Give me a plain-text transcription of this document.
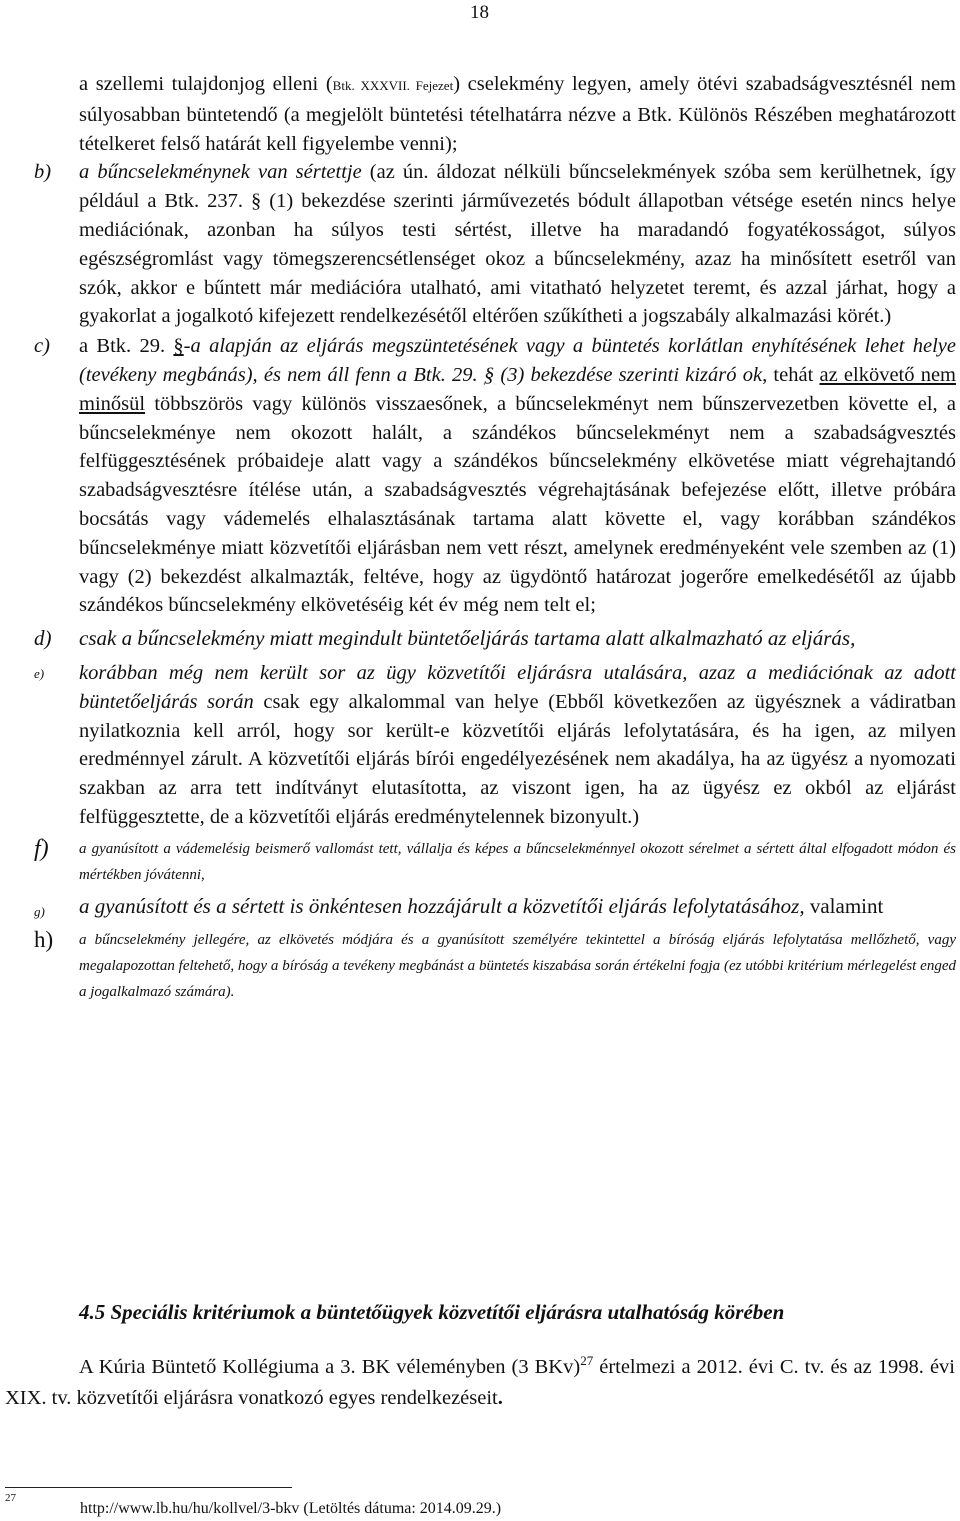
18
a szellemi tulajdonjog elleni (Btk. XXXVII. Fejezet) cselekmény legyen, amely ötévi szabadságvesztésnél nem súlyosabban büntetendő (a megjelölt büntetési tételhatárra nézve a Btk. Különös Részében meghatározott tételkeret felső határát kell figyelembe venni);
b) a bűncselekménynek van sértettje (az ún. áldozat nélküli bűncselekmények szóba sem kerülhetnek, így például a Btk. 237. § (1) bekezdése szerinti járművezetés bódult állapotban vétsége esetén nincs helye mediációnak, azonban ha súlyos testi sértést, illetve ha maradandó fogyatékosságot, súlyos egészségromlást vagy tömegszerencsétlenséget okoz a bűncselekmény, azaz ha minősített esetről van szók, akkor e bűntett már mediációra utalható, ami vitatható helyzetet teremt, és azzal járhat, hogy a gyakorlat a jogalkotó kifejezett rendelkezésétől eltérően szűkítheti a jogszabály alkalmazási körét.)
c) a Btk. 29. §-a alapján az eljárás megszüntetésének vagy a büntetés korlátlan enyhítésének lehet helye (tevékeny megbánás), és nem áll fenn a Btk. 29. § (3) bekezdése szerinti kizáró ok, tehát az elkövető nem minősül többszörös vagy különös visszaesőnek, a bűncselekményt nem bűnszervezetben követte el, a bűncselekménye nem okozott halált, a szándékos bűncselekményt nem a szabadságvesztés felfüggesztésének próbaideje alatt vagy a szándékos bűncselekmény elkövetése miatt végrehajtandó szabadságvesztésre ítélése után, a szabadságvesztés végrehajtásának befejezése előtt, illetve próbára bocsátás vagy vádemelés elhalasztásának tartama alatt követte el, vagy korábban szándékos bűncselekménye miatt közvetítői eljárásban nem vett részt, amelynek eredményeként vele szemben az (1) vagy (2) bekezdést alkalmazták, feltéve, hogy az ügydöntő határozat jogerőre emelkedésétől az újabb szándékos bűncselekmény elkövetéséig két év még nem telt el;
d) csak a bűncselekmény miatt megindult büntetőeljárás tartama alatt alkalmazható az eljárás,
e) korábban még nem került sor az ügy közvetítői eljárásra utalására, azaz a mediációnak az adott büntetőeljárás során csak egy alkalommal van helye (Ebből következően az ügyésznek a vádiratban nyilatkoznia kell arról, hogy sor került-e közvetítői eljárás lefolytatására, és ha igen, az milyen eredménnyel zárult. A közvetítői eljárás bírói engedélyezésének nem akadálya, ha az ügyész a nyomozati szakban az arra tett indítványt elutasította, az viszont igen, ha az ügyész ez okból az eljárást felfüggesztette, de a közvetítői eljárás eredménytelennek bizonyult.)
f) a gyanúsított a vádemelésig beismerő vallomást tett, vállalja és képes a bűncselekménnyel okozott sérelmet a sértett által elfogadott módon és mértékben jóvátenni,
g) a gyanúsított és a sértett is önkéntesen hozzájárult a közvetítői eljárás lefolytatásához, valamint
h) a bűncselekmény jellegére, az elkövetés módjára és a gyanúsított személyére tekintettel a bíróság eljárás lefolytatása mellőzhető, vagy megalapozottan feltehető, hogy a bíróság a tevékeny megbánást a büntetés kiszabása során értékelni fogja (ez utóbbi kritérium mérlegelést enged a jogalkalmazó számára).
4.5 Speciális kritériumok a büntetőügyek közvetítői eljárásra utalhatóság körében
A Kúria Büntető Kollégiuma a 3. BK véleményben (3 BKv)$^{27}$ értelmezi a 2012. évi C. tv. és az 1998. évi XIX. tv. közvetítői eljárásra vonatkozó egyes rendelkezéseit.
27
http://www.lb.hu/hu/kollvel/3-bkv (Letöltés dátuma: 2014.09.29.)
